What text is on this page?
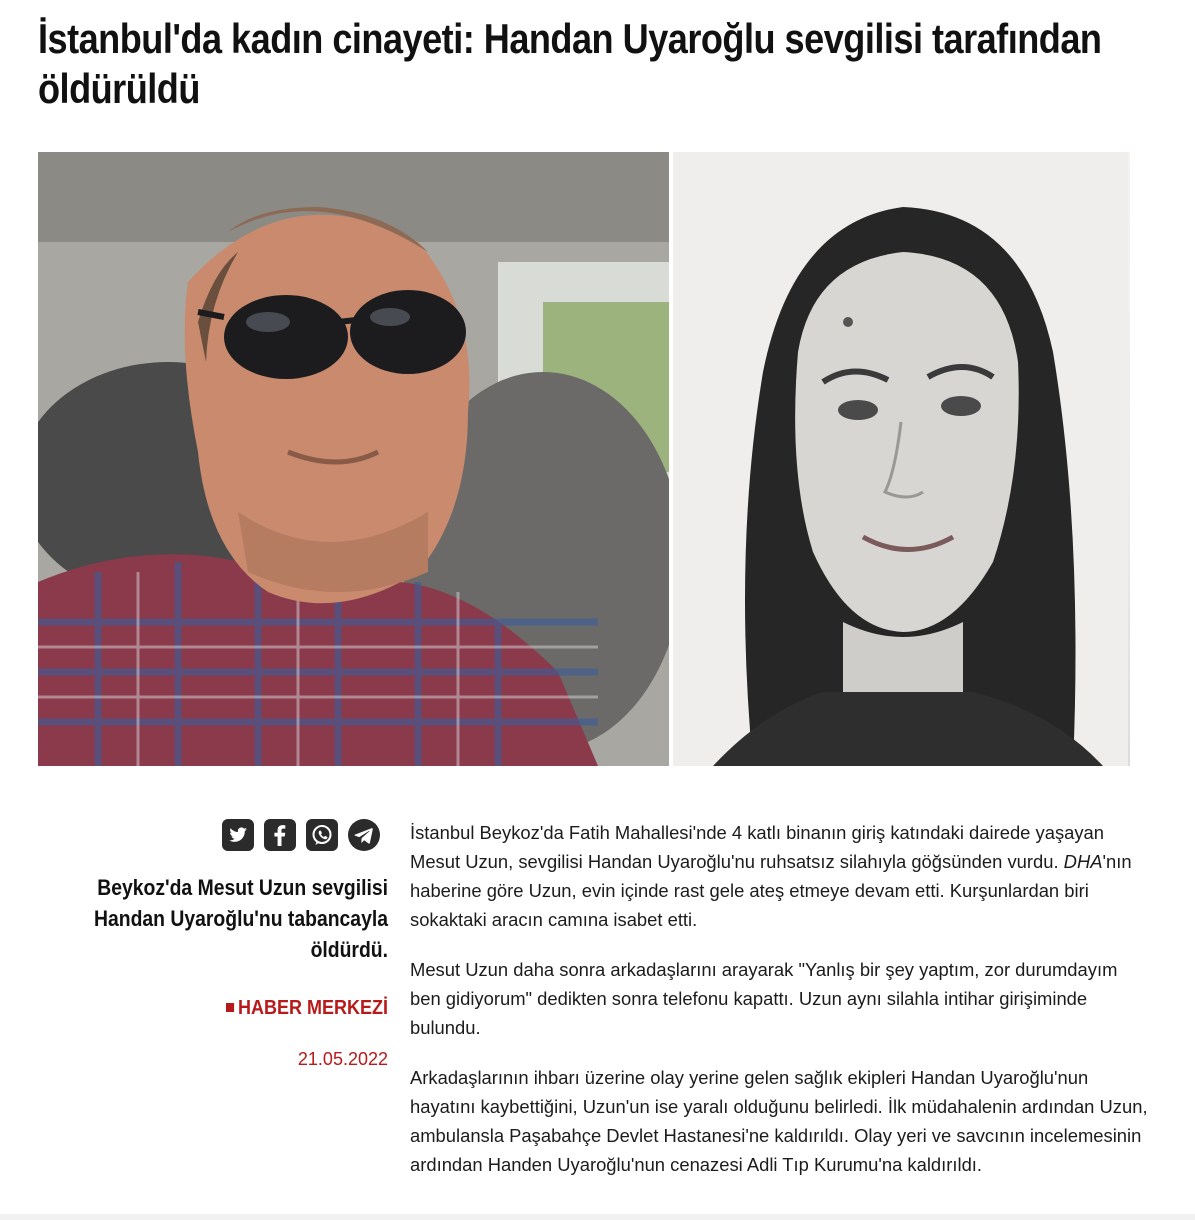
İstanbul'da kadın cinayeti: Handan Uyaroğlu sevgilisi tarafından öldürüldü

Beykoz'da Mesut Uzun sevgilisi Handan Uyaroğlu'nu tabancayla öldürdü.

HABER MERKEZİ
21.05.2022

İstanbul Beykoz'da Fatih Mahallesi'nde 4 katlı binanın giriş katındaki dairede yaşayan Mesut Uzun, sevgilisi Handan Uyaroğlu'nu ruhsatsız silahıyla göğsünden vurdu. DHA'nın haberine göre Uzun, evin içinde rast gele ateş etmeye devam etti. Kurşunlardan biri sokaktaki aracın camına isabet etti.

Mesut Uzun daha sonra arkadaşlarını arayarak "Yanlış bir şey yaptım, zor durumdayım ben gidiyorum" dedikten sonra telefonu kapattı. Uzun aynı silahla intihar girişiminde bulundu.

Arkadaşlarının ihbarı üzerine olay yerine gelen sağlık ekipleri Handan Uyaroğlu'nun hayatını kaybettiğini, Uzun'un ise yaralı olduğunu belirledi. İlk müdahalenin ardından Uzun, ambulansla Paşabahçe Devlet Hastanesi'ne kaldırıldı. Olay yeri ve savcının incelemesinin ardından Handen Uyaroğlu'nun cenazesi Adli Tıp Kurumu'na kaldırıldı.
